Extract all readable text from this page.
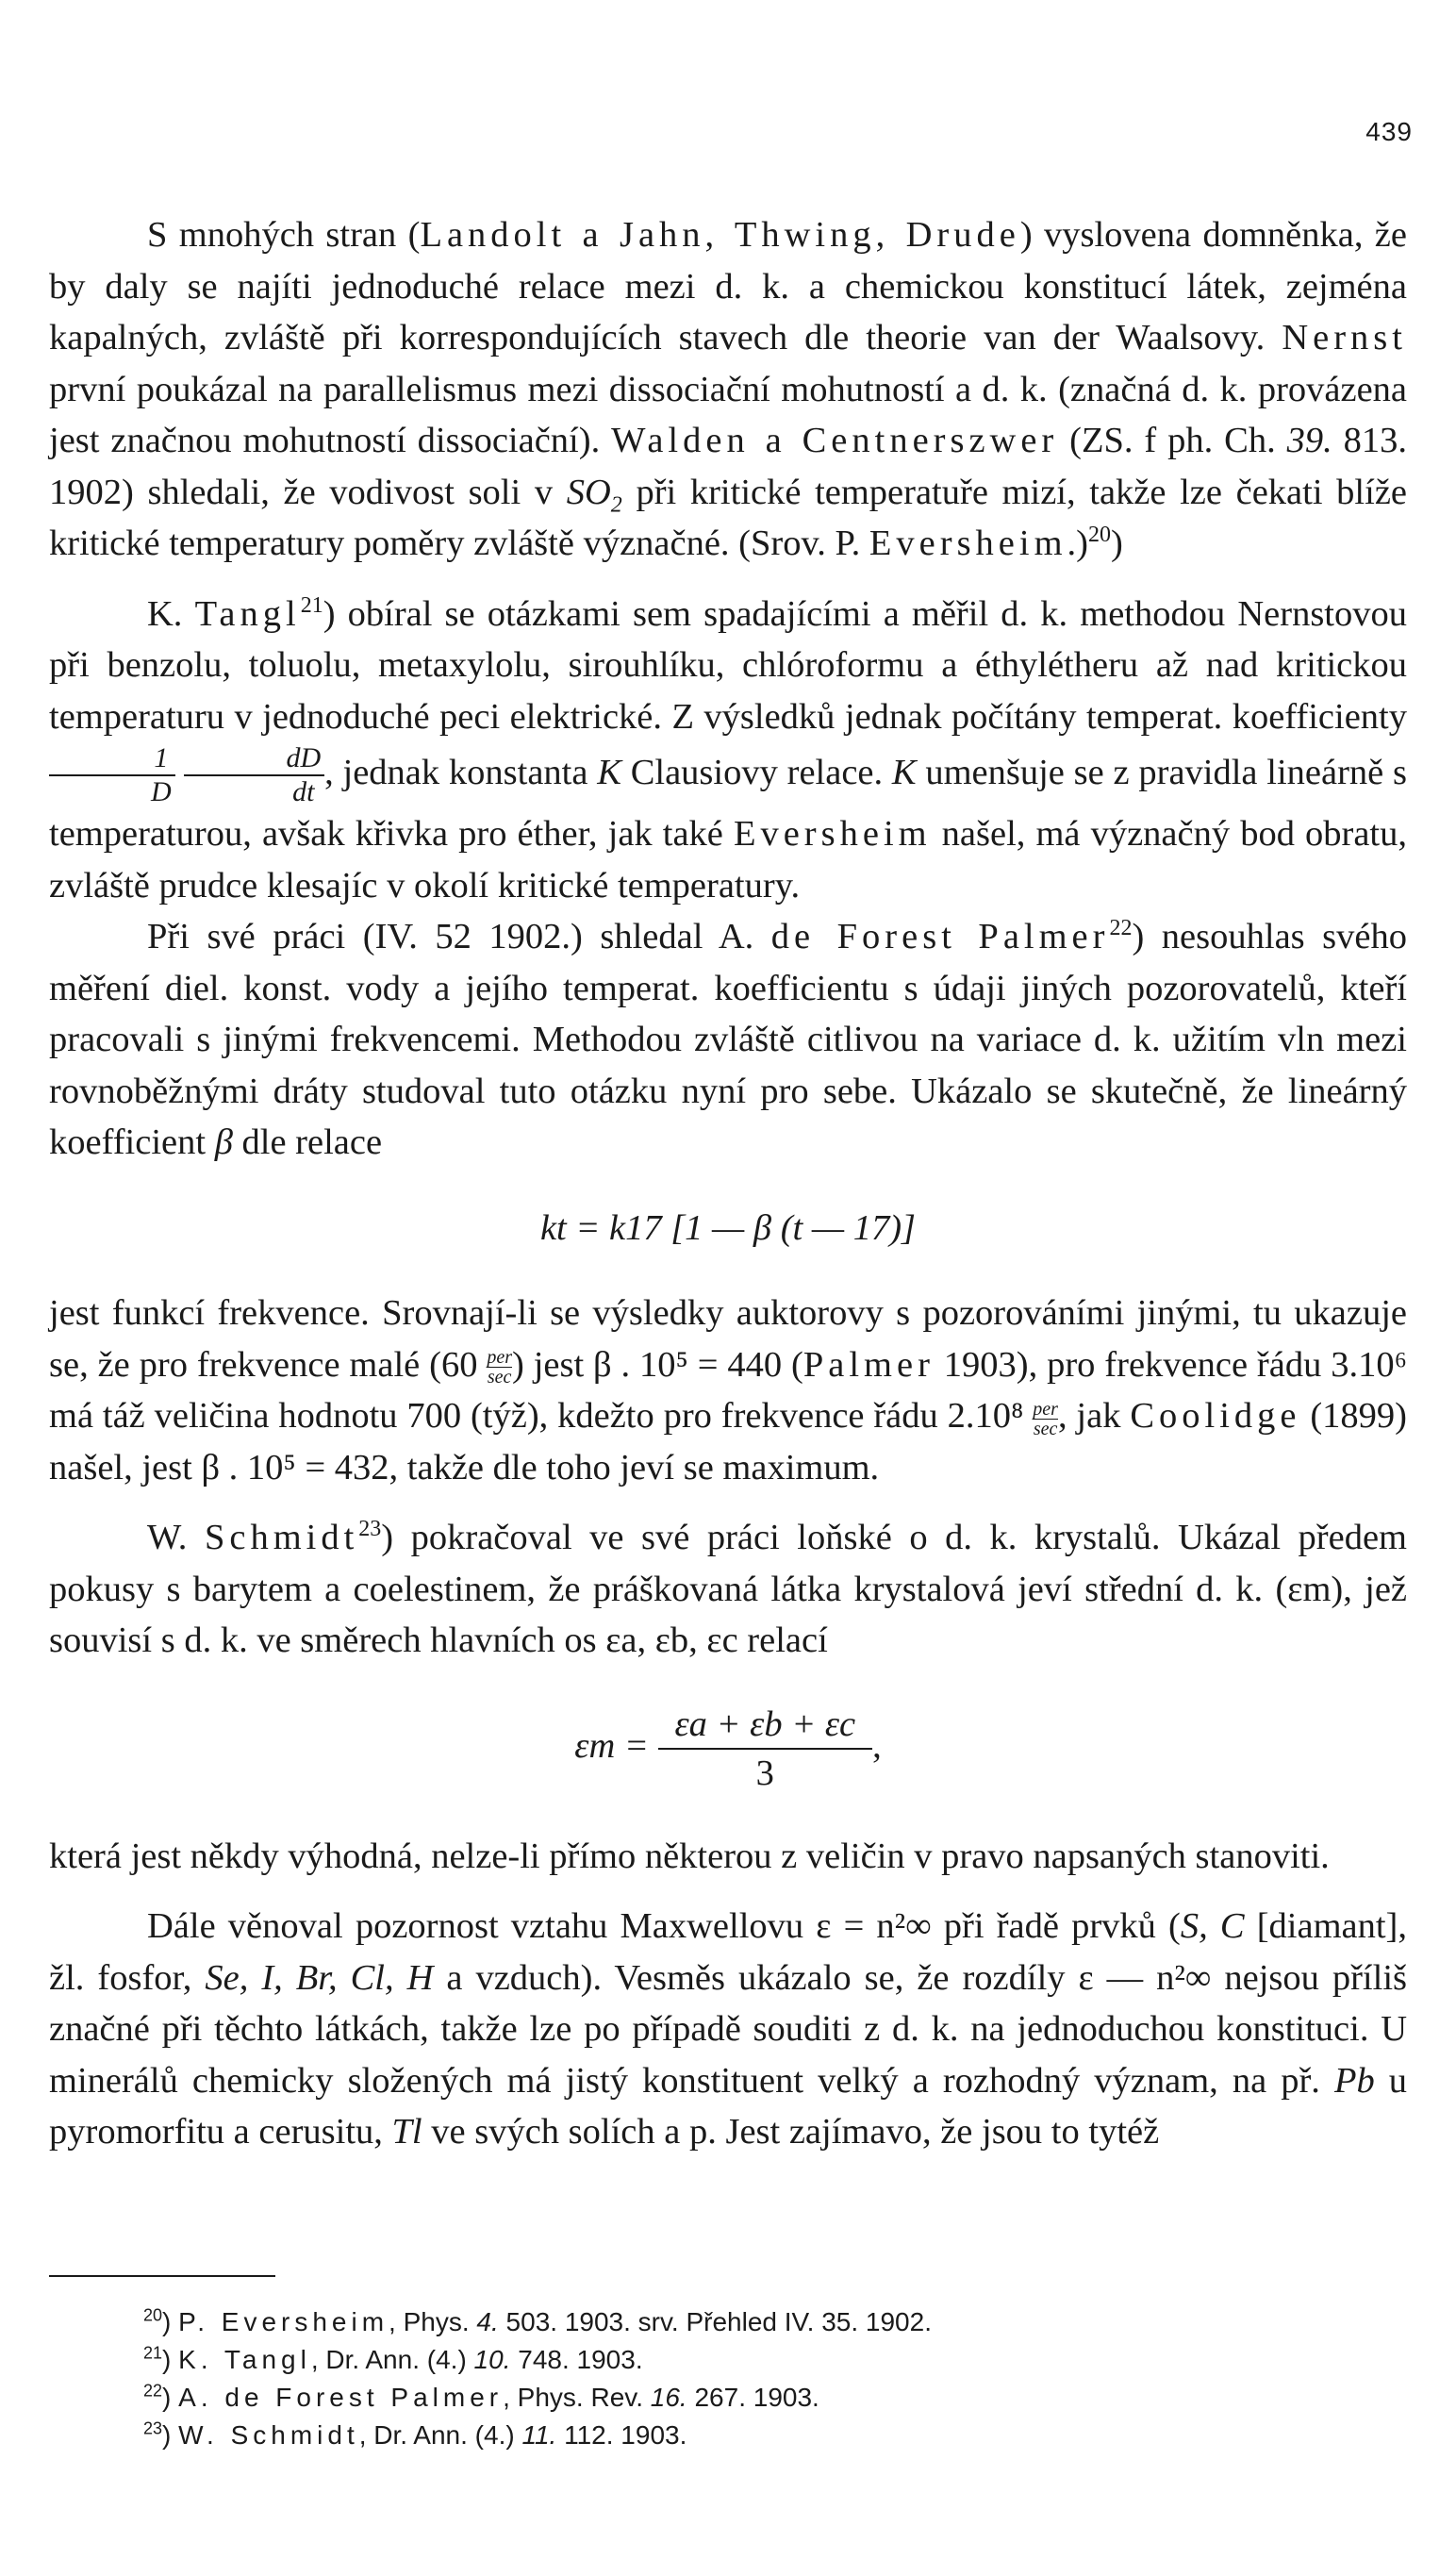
439

S mnohých stran (Landolt a Jahn, Thwing, Drude) vyslovena domněnka, že by daly se najíti jednoduché relace mezi d. k. a chemickou konstitucí látek, zejména kapalných, zvláště při korrespondujících stavech dle theorie van der Waalsovy. Nernst první poukázal na parallelismus mezi dissociační mohutností a d. k. (značná d. k. provázena jest značnou mohutností dissociační). Walden a Centnerszwer (ZS. f ph. Ch. 39. 813. 1902) shledali, že vodivost soli v $SO_2$ při kritické temperatuře mizí, takže lze čekati blíže kritické temperatury poměry zvláště význačné. (Srov. P. Eversheim.)$^{20}$)

K. Tangl$^{21}$) obíral se otázkami sem spadajícími a měřil d. k. methodou Nernstovou při benzolu, toluolu, metaxylolu, sirouhlíku, chlóroformu a éthylétheru až nad kritickou temperaturu v jednoduché peci elektrické. Z výsledků jednak počítány temperat. koefficienty
$\frac{1}{D}$
$\frac{dD}{dt}$ , jednak konstanta K Clausiovy relace. K umenšuje se z pravidla lineárně s temperaturou, avšak křivka pro éther, jak také Eversheim našel, má význačný bod obratu, zvláště prudce klesajíc v okolí kritické temperatury.

Při své práci (IV. 52 1902.) shledal A. de Forest Palmer$^{22}$) nesouhlas svého měření diel. konst. vody a jejího temperat. koefficientu s údaji jiných pozorovatelů, kteří pracovali s jinými frekvencemi. Methodou zvláště citlivou na variace d. k. užitím vln mezi rovnoběžnými dráty studoval tuto otázku nyní pro sebe. Ukázalo se skutečně, že lineárný koefficient β dle relace

kt = k17 [1 — β (t — 17)]

jest funkcí frekvence. Srovnají-li se výsledky auktorovy s pozorováními jinými, tu ukazuje se, že pro frekvence malé ($60 \frac{\text{per}}{\sec}$ ) jest β . 10⁵ = 440 (Palmer 1903), pro frekvence řádu 3.10⁶ má táž veličina hodnotu 700 (týž), kdežto pro frekvence řádu $2.10^8 \frac{\text{per}}{\sec}$ , jak Coolidge (1899) našel, jest β . 10⁵ = 432, takže dle toho jeví se maximum.

W. Schmidt$^{23}$) pokračoval ve své práci loňské o d. k. krystalů. Ukázal předem pokusy s barytem a coelestinem, že práškovaná látka krystalová jeví střední d. k. (εm), jež souvisí s d. k. ve směrech hlavních os εa, εb, εc relací

$\varepsilon m = \frac{\varepsilon a + \varepsilon b + \varepsilon c}{3}$ ,

která jest někdy výhodná, nelze-li přímo některou z veličin v pravo napsaných stanoviti.

Dále věnoval pozornost vztahu Maxwellovu ε = n²∞ při řadě prvků (S, C [diamant], žl. fosfor, Se, I, Br, Cl, H a vzduch). Vesměs ukázalo se, že rozdíly ε — n²∞ nejsou příliš značné při těchto látkách, takže lze po případě souditi z d. k. na jednoduchou konstituci. U minerálů chemicky složených má jistý konstituent velký a rozhodný význam, na př. Pb u pyromorfitu a cerusitu, Tl ve svých solích a p. Jest zajímavo, že jsou to tytéž

$^{20}$) P. Eversheim, Phys. 4. 503. 1903. srv. Přehled IV. 35. 1902.
$^{21}$) K. Tangl, Dr. Ann. (4.) 10. 748. 1903.
$^{22}$) A. de Forest Palmer, Phys. Rev. 16. 267. 1903.
$^{23}$) W. Schmidt, Dr. Ann. (4.) 11. 112. 1903.
